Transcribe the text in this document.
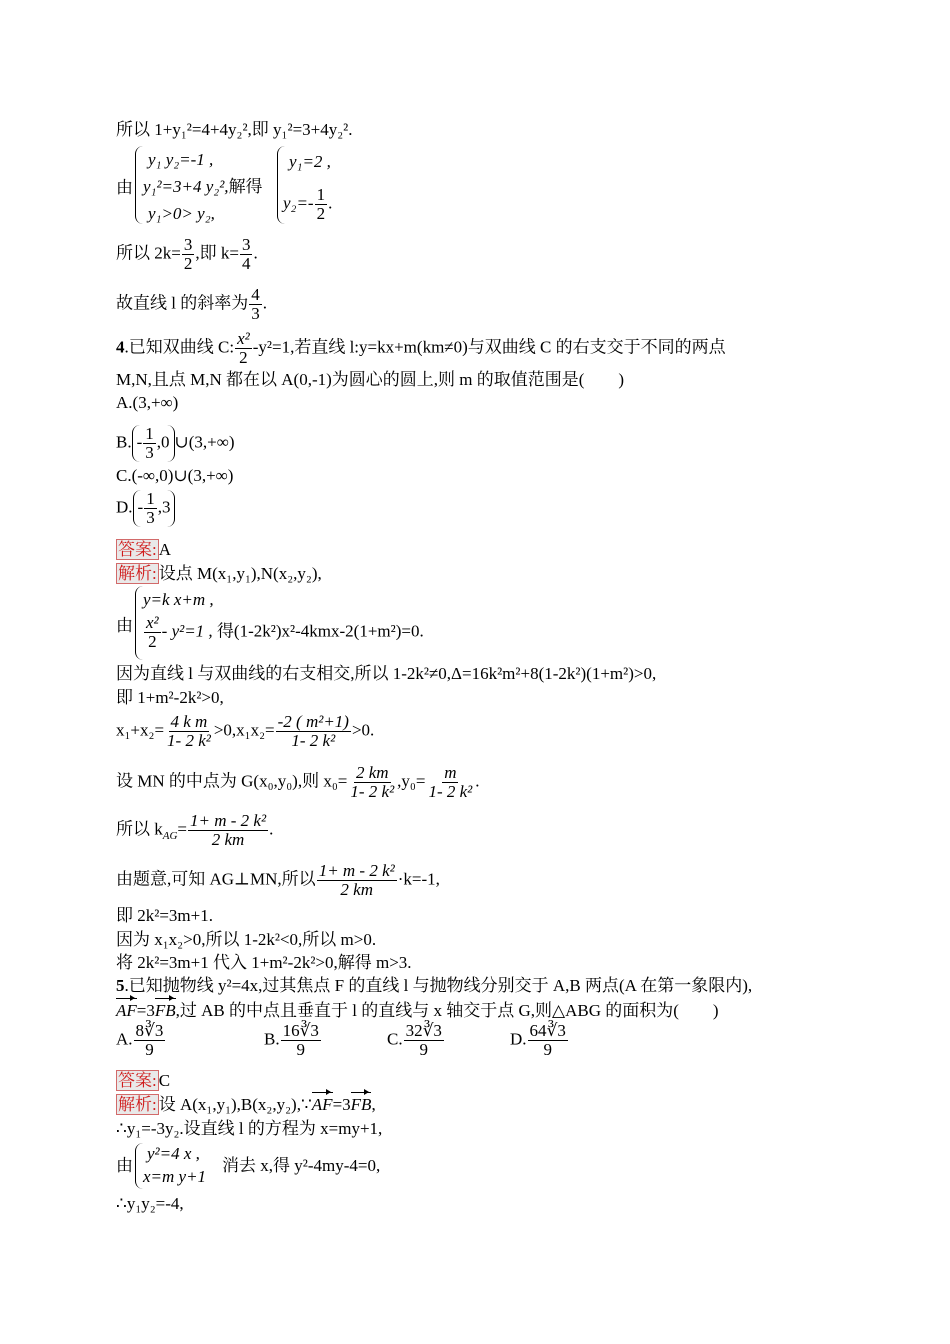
所以 1+y₁²=4+4y₂²,即 y₁²=3+4y₂².
由
y₁ y₂=-1 ,
y₁²=3+4 y₂²,解得
y₁>0> y₂,
y₁=2 ,
$y_2=- \frac{1}{2}$ .
所以 $2k= \frac{3}{2}$ ,即 $k= \frac{3}{4}$ .
故直线 l 的斜率为 $\frac{4}{3}$ .
4.已知双曲线 C: $\frac{\text{x²}}{2} -y^2=1$,若直线 l:y=kx+m(km≠0)与双曲线 C 的右支交于不同的两点
M,N,且点 M,N 都在以 A(0,-1)为圆心的圆上,则 m 的取值范围是(　　)
A.(3,+∞)
B. - $\frac{1}{3} ,0$ ∪(3,+∞)
C.(-∞,0)∪(3,+∞)
D. - $\frac{1}{3} ,3$
答案: A
解析: 设点 M(x₁,y₁),N(x₂,y₂),
由
y=k x+m ,
$\frac{\text{x²}}{2} - y^2=1$ , 得(1-2k²)x²-4kmx-2(1+m²)=0.
因为直线 l 与双曲线的右支相交,所以 1-2k²≠0,Δ=16k²m²+8(1-2k²)(1+m²)>0,
即 1+m²-2k²>0,
$x_1+x_2= \frac{\text{4 k m}}{\text{1- 2 k²}} >0,x_1x_2= \frac{\text{-2 ( m²+1)}}{\text{1- 2 k²}} >0$.
设 MN 的中点为 G(x₀,y₀),则 $x_0= \frac{2 km}{\text{1- 2 k²}} ,y_0= \frac{m}{\text{1- 2 k²}}$ .
所以 $k_{AG}= \frac{\text{1+ m - 2 k²}}{2 km}$ .
由题意,可知 AG⊥MN,所以 $\frac{\text{1+ m - 2 k²}}{2 km} \cdot k=-1$,
即 2k²=3m+1.
因为 x₁x₂>0,所以 1-2k²<0,所以 m>0.
将 2k²=3m+1 代入 1+m²-2k²>0,解得 m>3.
5.已知抛物线 y²=4x,过其焦点 F 的直线 l 与抛物线分别交于 A,B 两点(A 在第一象限内),
AF=3FB,过 AB 的中点且垂直于 l 的直线与 x 轴交于点 G,则△ABG 的面积为(　　)
A. $\frac{8∛3}{9}$	B. $\frac{16∛3}{9}$	C. $\frac{32∛3}{9}$	D. $\frac{64∛3}{9}$
答案: C
解析: 设 A(x₁,y₁),B(x₂,y₂),∵AF=3FB,
∴y₁=-3y₂.设直线 l 的方程为 x=my+1,
由
y²=4 x ,
x=m y+1
消去 x,得 y²-4my-4=0,
∴y₁y₂=-4,
